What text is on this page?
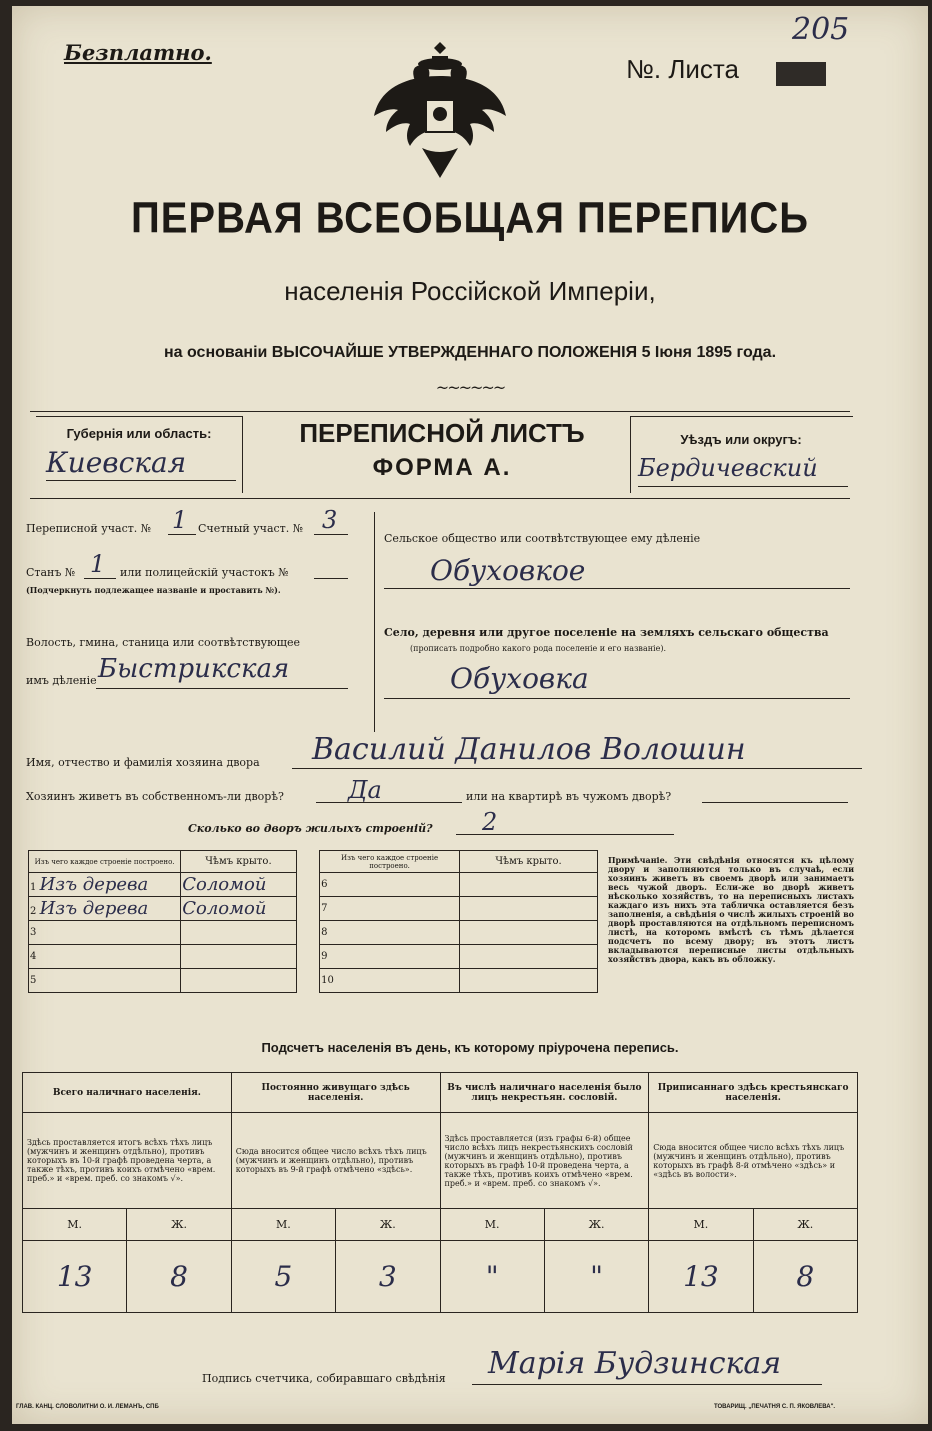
Безплатно.
№. Листа
205
ПЕРВАЯ ВСЕОБЩАЯ ПЕРЕПИСЬ
населенія Россійской Имперіи,
на основаніи ВЫСОЧАЙШЕ УТВЕРЖДЕННАГО ПОЛОЖЕНІЯ 5 Іюня 1895 года.
~~~~~~
Губернія или область:
Киевская
ПЕРЕПИСНОЙ ЛИСТЪ
ФОРМА А.
Уѣздъ или округъ:
Бердичевский
Переписной участ. № 1 Счетный участ. № 3
Станъ № 1 или полицейскій участокъ №
(Подчеркнуть подлежащее названіе и проставить №).
Волость, гмина, станица или соотвѣтствующее
имъ дѣленіе Быстрикская
Сельское общество или соотвѣтствующее ему дѣленіе
Обуховкое
Село, деревня или другое поселеніе на земляхъ сельскаго общества
(прописать подробно какого рода поселеніе и его названіе).
Обуховка
Имя, отчество и фамилія хозяина двора Василий Данилов Волошин
Хозяинъ живетъ въ собственномъ-ли дворѣ?	Да	или на квартирѣ въ чужомъ дворѣ?
Сколько во дворъ жилыхъ строеній? 2
Изъ чего каждое строеніе построено.	Чѣмъ крыто.		Изъ чего каждое строеніе построено.	Чѣмъ крыто.
1 Изъ дерева	Соломой		6	
2 Изъ дерева	Соломой		7	
3			8	
4			9	
5			10	
Примѣчаніе. Эти свѣдѣнія относятся къ цѣлому двору и заполняются только въ случаѣ, если хозяинъ живетъ въ своемъ дворѣ или занимаетъ весь чужой дворъ. Если-же во дворѣ живетъ нѣсколько хозяйствъ, то на переписныхъ листахъ каждаго изъ нихъ эта табличка оставляется безъ заполненія, а свѣдѣнія о числѣ жилыхъ строеній во дворѣ проставляются на отдѣльномъ переписномъ листѣ, на которомъ вмѣстѣ съ тѣмъ дѣлается подсчетъ по всему двору; въ этотъ листъ вкладываются переписные листы отдѣльныхъ хозяйствъ двора, какъ въ обложку.
Подсчетъ населенія въ день, къ которому пріурочена перепись.
Всего наличнаго населенія.		Постоянно живущаго здѣсь населенія.		Въ числѣ наличнаго населенія было лицъ некрестьян. сословій.		Приписаннаго здѣсь крестьянскаго населенія.	
Здѣсь проставляется итогъ всѣхъ тѣхъ лицъ (мужчинъ и женщинъ отдѣльно), противъ которыхъ въ 10-й графѣ проведена черта, а также тѣхъ, противъ коихъ отмѣчено «врем. преб.» и «врем. преб. со знакомъ √».		Сюда вносится общее число всѣхъ тѣхъ лицъ (мужчинъ и женщинъ отдѣльно), противъ которыхъ въ 9-й графѣ отмѣчено «здѣсь».		Здѣсь проставляется (изъ графы 6-й) общее число всѣхъ лицъ некрестьянскихъ сословій (мужчинъ и женщинъ отдѣльно), противъ которыхъ въ графѣ 10-й проведена черта, а также тѣхъ, противъ коихъ отмѣчено «врем. преб.» и «врем. преб. со знакомъ √».		Сюда вносится общее число всѣхъ тѣхъ лицъ (мужчинъ и женщинъ отдѣльно), противъ которыхъ въ графѣ 8-й отмѣчено «здѣсь» и «здѣсь въ волости».	
М.	Ж.	М.	Ж.	М.	Ж.	М.	Ж.
13	8	5	3	"	"	13	8
Подпись счетчика, собиравшаго свѣдѣнія Марія Будзинская
ГЛАВ. КАНЦ. СЛОВОЛИТНИ О. И. ЛЕМАНЪ, СПБ	ТОВАРИЩ. „ПЕЧАТНЯ С. П. ЯКОВЛЕВА".
